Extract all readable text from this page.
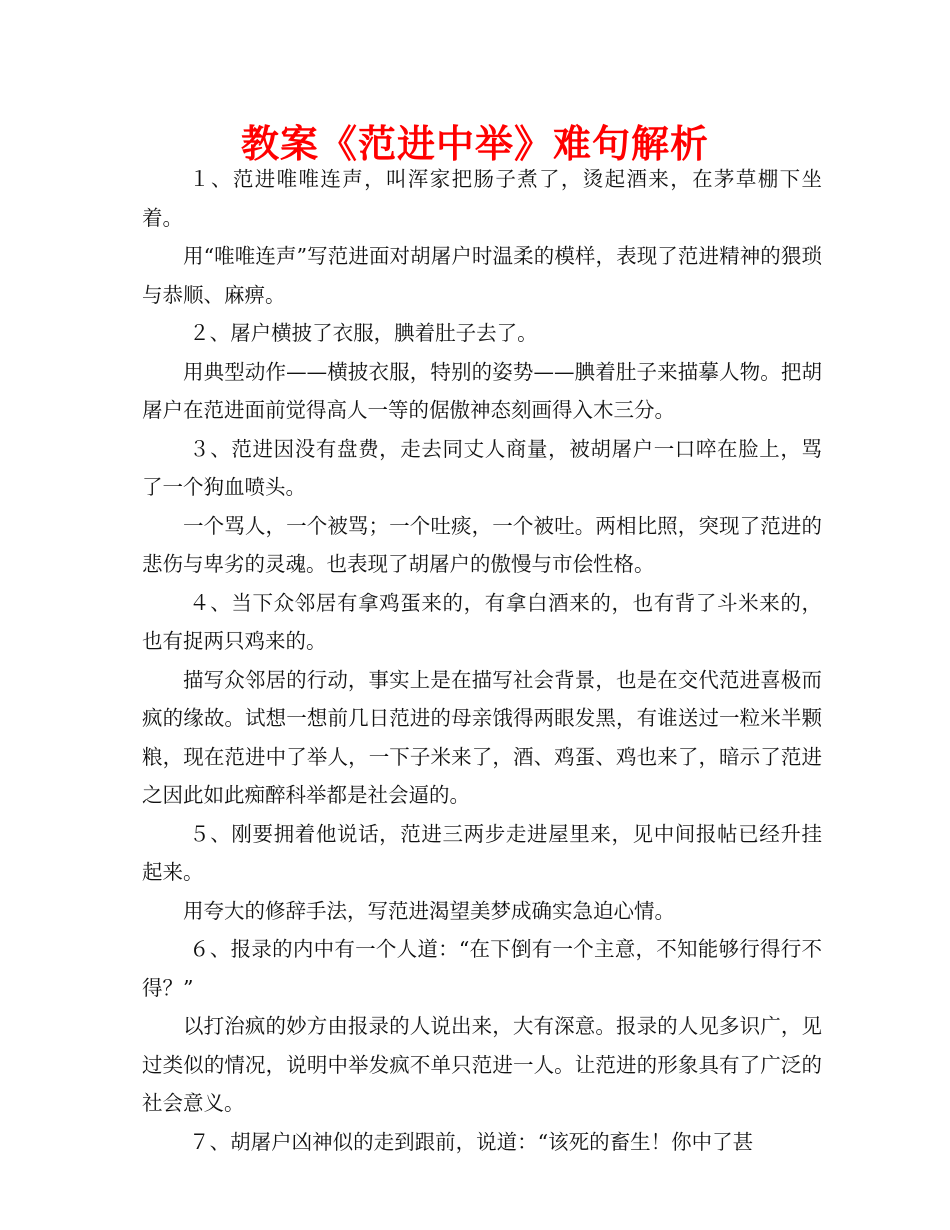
教案《范进中举》难句解析

１、范进唯唯连声，叫浑家把肠子煮了，烫起酒来，在茅草棚下坐着。

用“唯唯连声”写范进面对胡屠户时温柔的模样，表现了范进精神的猥琐与恭顺、麻痹。

２、屠户横披了衣服，腆着肚子去了。

用典型动作——横披衣服，特别的姿势——腆着肚子来描摹人物。把胡屠户在范进面前觉得高人一等的倨傲神态刻画得入木三分。

３、范进因没有盘费，走去同丈人商量，被胡屠户一口啐在脸上，骂了一个狗血喷头。

一个骂人，一个被骂；一个吐痰，一个被吐。两相比照，突现了范进的悲伤与卑劣的灵魂。也表现了胡屠户的傲慢与市侩性格。

４、当下众邻居有拿鸡蛋来的，有拿白酒来的，也有背了斗米来的，也有捉两只鸡来的。

描写众邻居的行动，事实上是在描写社会背景，也是在交代范进喜极而疯的缘故。试想一想前几日范进的母亲饿得两眼发黑，有谁送过一粒米半颗粮，现在范进中了举人，一下子米来了，酒、鸡蛋、鸡也来了，暗示了范进之因此如此痴醉科举都是社会逼的。

５、刚要拥着他说话，范进三两步走进屋里来，见中间报帖已经升挂起来。

用夸大的修辞手法，写范进渴望美梦成确实急迫心情。

６、报录的内中有一个人道：“在下倒有一个主意，不知能够行得行不得？”

以打治疯的妙方由报录的人说出来，大有深意。报录的人见多识广，见过类似的情况，说明中举发疯不单只范进一人。让范进的形象具有了广泛的社会意义。

７、胡屠户凶神似的走到跟前，说道：“该死的畜生！你中了甚
